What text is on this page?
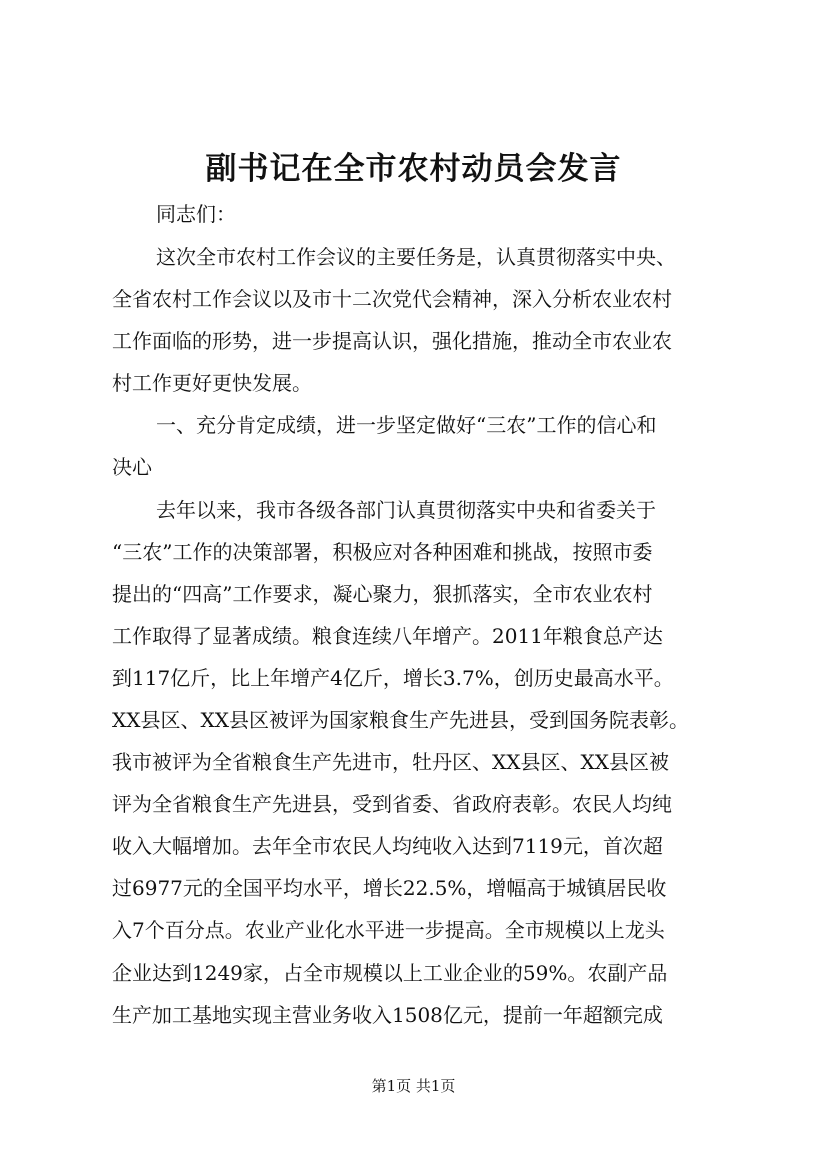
副书记在全市农村动员会发言

同志们：

这次全市农村工作会议的主要任务是，认真贯彻落实中央、

全省农村工作会议以及市十二次党代会精神，深入分析农业农村

工作面临的形势，进一步提高认识，强化措施，推动全市农业农

村工作更好更快发展。

一、充分肯定成绩，进一步坚定做好“三农”工作的信心和

决心

去年以来，我市各级各部门认真贯彻落实中央和省委关于

“三农”工作的决策部署，积极应对各种困难和挑战，按照市委

提出的“四高”工作要求，凝心聚力，狠抓落实，全市农业农村

工作取得了显著成绩。粮食连续八年增产。2011年粮食总产达

到117亿斤，比上年增产4亿斤，增长3.7%，创历史最高水平。

XX县区、XX县区被评为国家粮食生产先进县，受到国务院表彰。

我市被评为全省粮食生产先进市，牡丹区、XX县区、XX县区被

评为全省粮食生产先进县，受到省委、省政府表彰。农民人均纯

收入大幅增加。去年全市农民人均纯收入达到7119元，首次超

过6977元的全国平均水平，增长22.5%，增幅高于城镇居民收

入7个百分点。农业产业化水平进一步提高。全市规模以上龙头

企业达到1249家，占全市规模以上工业企业的59%。农副产品

生产加工基地实现主营业务收入1508亿元，提前一年超额完成

第1页 共1页
